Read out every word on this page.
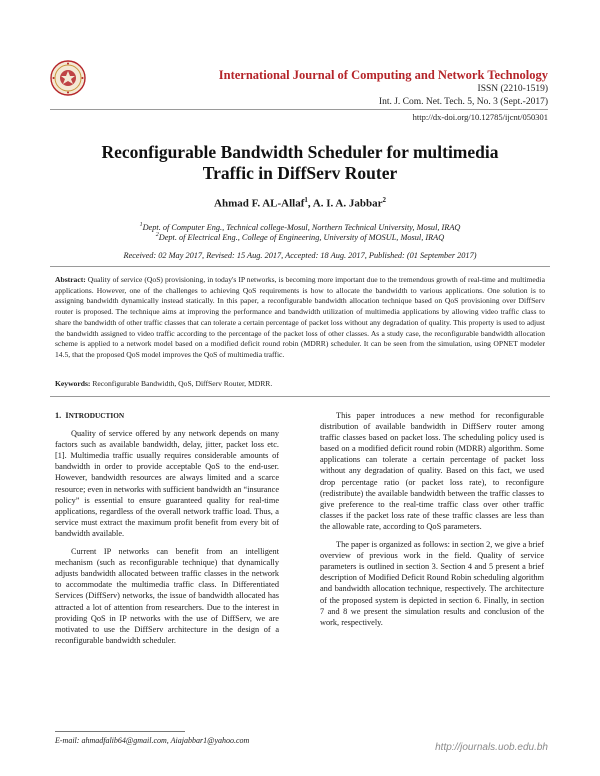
International Journal of Computing and Network Technology
ISSN (2210-1519)
Int. J. Com. Net. Tech. 5, No. 3 (Sept.-2017)
http://dx-doi.org/10.12785/ijcnt/050301
Reconfigurable Bandwidth Scheduler for multimedia
Traffic in DiffServ Router
Ahmad F. AL-Allaf$^1$, A. I. A. Jabbar$^2$
$^1$Dept. of Computer Eng., Technical college-Mosul, Northern Technical University, Mosul, IRAQ
$^2$Dept. of Electrical Eng., College of Engineering, University of MOSUL, Mosul, IRAQ
Received: 02 May 2017, Revised: 15 Aug. 2017, Accepted: 18 Aug. 2017, Published: (01 September 2017)
Abstract: Quality of service (QoS) provisioning, in today's IP networks, is becoming more important due to the tremendous growth of real-time and multimedia applications. However, one of the challenges to achieving QoS requirements is how to allocate the bandwidth to various applications. One solution is to assigning bandwidth dynamically instead statically. In this paper, a reconfigurable bandwidth allocation technique based on QoS provisioning over DiffServ router is proposed. The technique aims at improving the performance and bandwidth utilization of multimedia applications by allowing video traffic class to share the bandwidth of other traffic classes that can tolerate a certain percentage of packet loss without any degradation of quality. This property is used to adjust the bandwidth assigned to video traffic according to the percentage of the packet loss of other classes. As a study case, the reconfigurable bandwidth allocation scheme is applied to a network model based on a modified deficit round robin (MDRR) scheduler. It can be seen from the simulation, using OPNET modeler 14.5, that the proposed QoS model improves the QoS of multimedia traffic.
Keywords: Reconfigurable Bandwidth, QoS, DiffServ Router, MDRR.
1. INTRODUCTION

Quality of service offered by any network depends on many factors such as available bandwidth, delay, jitter, packet loss etc.[1]. Multimedia traffic usually requires considerable amounts of bandwidth in order to provide acceptable QoS to the end-user. However, bandwidth resources are always limited and a scarce resource; even in networks with sufficient bandwidth an “insurance policy” is essential to ensure guaranteed quality for real-time applications, regardless of the overall network traffic load. Thus, a service must extract the maximum profit benefit from every bit of bandwidth available.

Current IP networks can benefit from an intelligent mechanism (such as reconfigurable technique) that dynamically adjusts bandwidth allocated between traffic classes in the network to accommodate the multimedia traffic class. In Differentiated Services (DiffServ) networks, the issue of bandwidth allocated has attracted a lot of attention from researchers. Due to the interest in providing QoS in IP networks with the use of DiffServ, we are motivated to use the DiffServ architecture in the design of a reconfigurable bandwidth scheduler.

This paper introduces a new method for reconfigurable distribution of available bandwidth in DiffServ router among traffic classes based on packet loss. The scheduling policy used is based on a modified deficit round robin (MDRR) algorithm. Some applications can tolerate a certain percentage of packet loss without any degradation of quality. Based on this fact, we used drop percentage ratio (or packet loss rate), to reconfigure (redistribute) the available bandwidth between the traffic classes to give preference to the real-time traffic class over other traffic classes if the packet loss rate of these traffic classes are less than the allowable rate, according to QoS parameters.

The paper is organized as follows: in section 2, we give a brief overview of previous work in the field. Quality of service parameters is outlined in section 3. Section 4 and 5 present a brief description of Modified Deficit Round Robin scheduling algorithm and bandwidth allocation technique, respectively. The architecture of the proposed system is depicted in section 6. Finally, in section 7 and 8 we present the simulation results and conclusion of the work, respectively.

E-mail: ahmadfalib64@gmail.com, Aiajabbar1@yahoo.com
http://journals.uob.edu.bh
